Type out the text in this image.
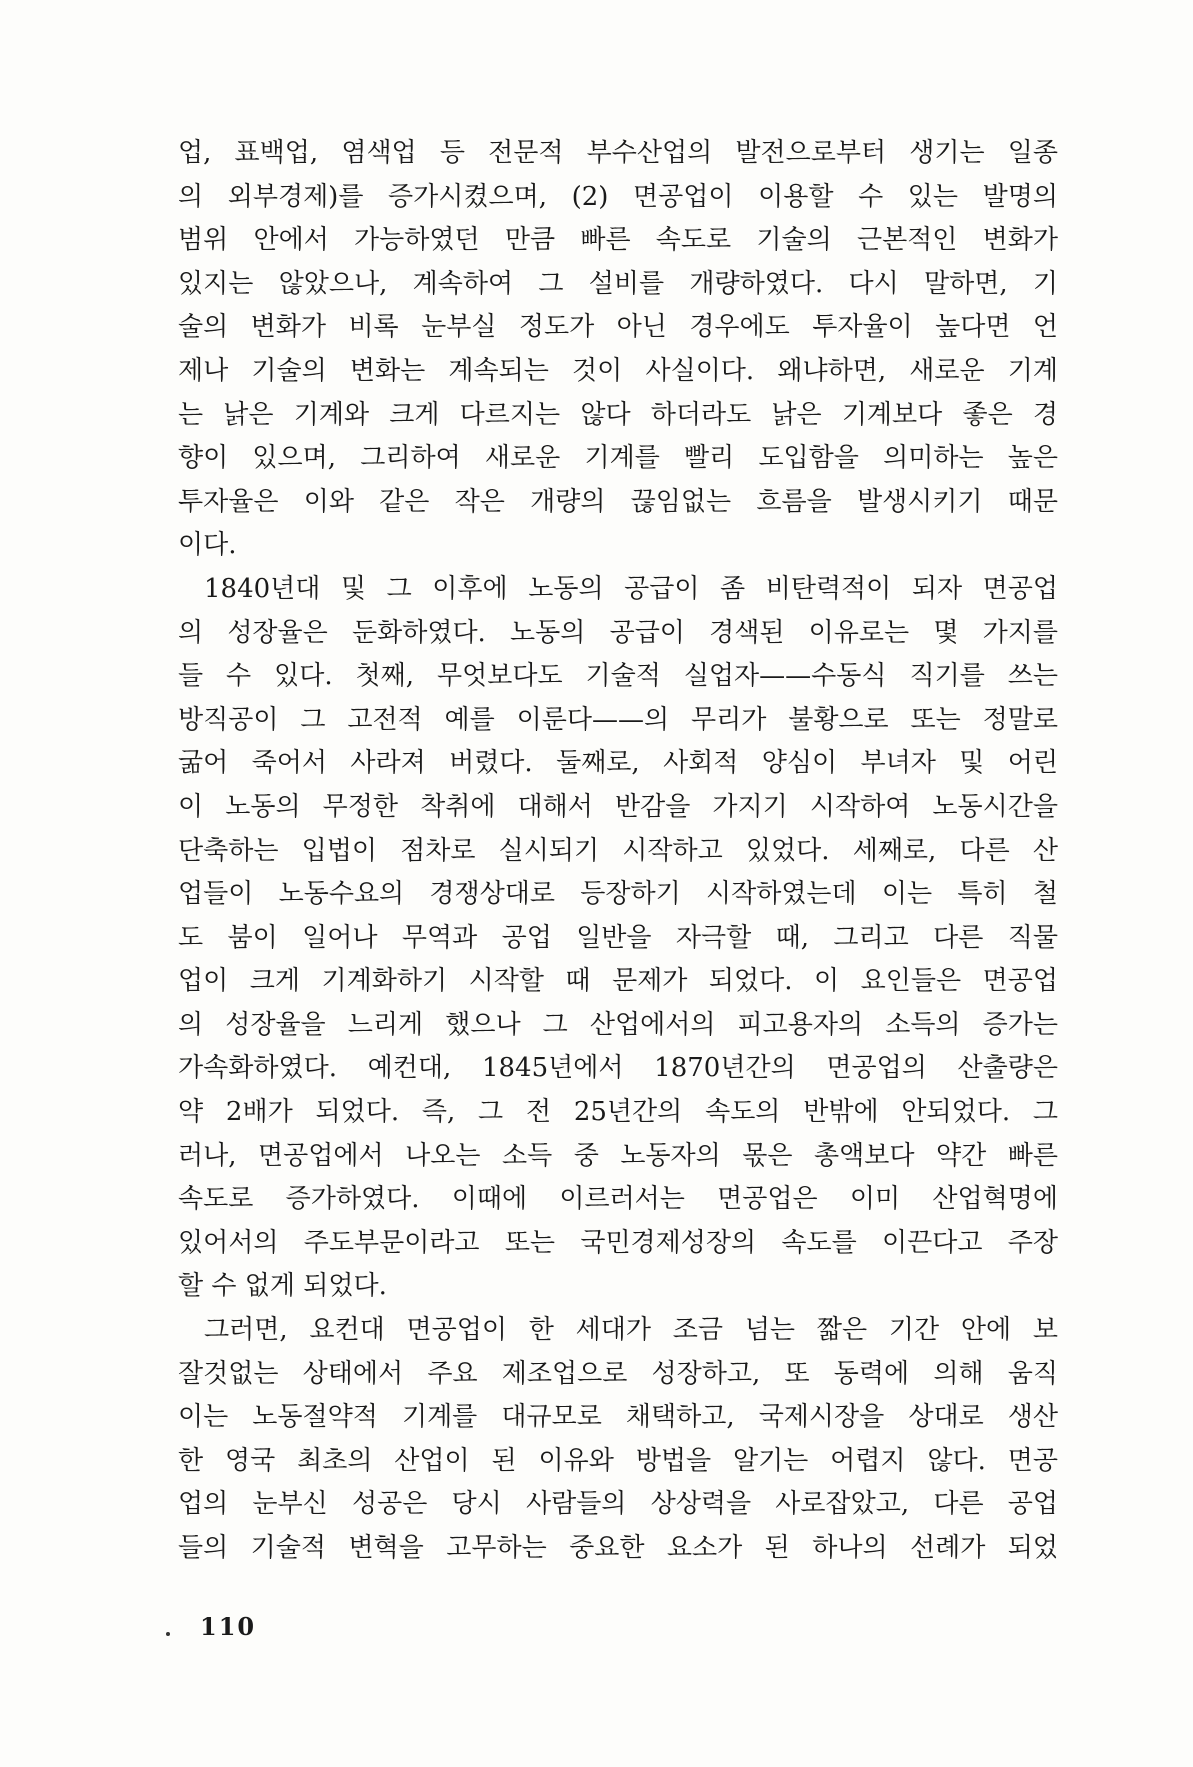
업, 표백업, 염색업 등 전문적 부수산업의 발전으로부터 생기는 일종
의 외부경제)를 증가시켰으며, (2) 면공업이 이용할 수 있는 발명의
범위 안에서 가능하였던 만큼 빠른 속도로 기술의 근본적인 변화가
있지는 않았으나, 계속하여 그 설비를 개량하였다. 다시 말하면, 기
술의 변화가 비록 눈부실 정도가 아닌 경우에도 투자율이 높다면 언
제나 기술의 변화는 계속되는 것이 사실이다. 왜냐하면, 새로운 기계
는 낡은 기계와 크게 다르지는 않다 하더라도 낡은 기계보다 좋은 경
향이 있으며, 그리하여 새로운 기계를 빨리 도입함을 의미하는 높은
투자율은 이와 같은 작은 개량의 끊임없는 흐름을 발생시키기 때문
이다.
1840년대 및 그 이후에 노동의 공급이 좀 비탄력적이 되자 면공업
의 성장율은 둔화하였다. 노동의 공급이 경색된 이유로는 몇 가지를
들 수 있다. 첫째, 무엇보다도 기술적 실업자——수동식 직기를 쓰는
방직공이 그 고전적 예를 이룬다——의 무리가 불황으로 또는 정말로
굶어 죽어서 사라져 버렸다. 둘째로, 사회적 양심이 부녀자 및 어린
이 노동의 무정한 착취에 대해서 반감을 가지기 시작하여 노동시간을
단축하는 입법이 점차로 실시되기 시작하고 있었다. 세째로, 다른 산
업들이 노동수요의 경쟁상대로 등장하기 시작하였는데 이는 특히 철
도 붐이 일어나 무역과 공업 일반을 자극할 때, 그리고 다른 직물
업이 크게 기계화하기 시작할 때 문제가 되었다. 이 요인들은 면공업
의 성장율을 느리게 했으나 그 산업에서의 피고용자의 소득의 증가는
가속화하였다. 예컨대, 1845년에서 1870년간의 면공업의 산출량은
약 2배가 되었다. 즉, 그 전 25년간의 속도의 반밖에 안되었다. 그
러나, 면공업에서 나오는 소득 중 노동자의 몫은 총액보다 약간 빠른
속도로 증가하였다. 이때에 이르러서는 면공업은 이미 산업혁명에
있어서의 주도부문이라고 또는 국민경제성장의 속도를 이끈다고 주장
할 수 없게 되었다.
그러면, 요컨대 면공업이 한 세대가 조금 넘는 짧은 기간 안에 보
잘것없는 상태에서 주요 제조업으로 성장하고, 또 동력에 의해 움직
이는 노동절약적 기계를 대규모로 채택하고, 국제시장을 상대로 생산
한 영국 최초의 산업이 된 이유와 방법을 알기는 어렵지 않다. 면공
업의 눈부신 성공은 당시 사람들의 상상력을 사로잡았고, 다른 공업
들의 기술적 변혁을 고무하는 중요한 요소가 된 하나의 선례가 되었
110
